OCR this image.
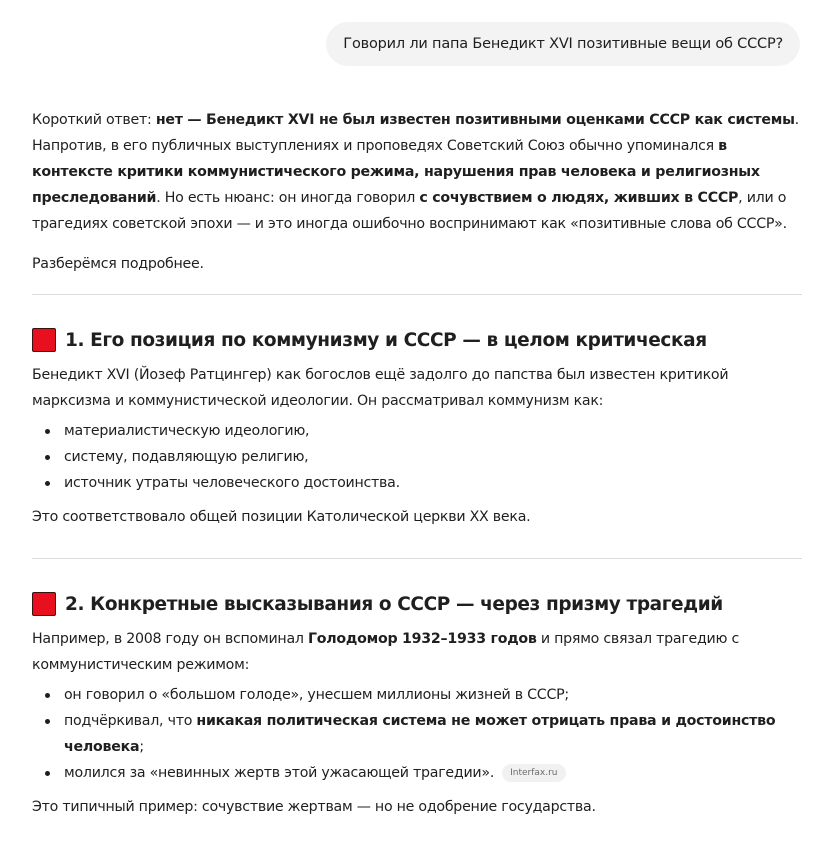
Говорил ли папа Бенедикт XVI позитивные вещи об СССР?
Короткий ответ: нет — Бенедикт XVI не был известен позитивными оценками СССР как системы. Напротив, в его публичных выступлениях и проповедях Советский Союз обычно упоминался в контексте критики коммунистического режима, нарушения прав человека и религиозных преследований. Но есть нюанс: он иногда говорил с сочувствием о людях, живших в СССР, или о трагедиях советской эпохи — и это иногда ошибочно воспринимают как «позитивные слова об СССР».
Разберёмся подробнее.
1. Его позиция по коммунизму и СССР — в целом критическая
Бенедикт XVI (Йозеф Ратцингер) как богослов ещё задолго до папства был известен критикой марксизма и коммунистической идеологии. Он рассматривал коммунизм как:
материалистическую идеологию,
систему, подавляющую религию,
источник утраты человеческого достоинства.
Это соответствовало общей позиции Католической церкви XX века.
2. Конкретные высказывания о СССР — через призму трагедий
Например, в 2008 году он вспоминал Голодомор 1932–1933 годов и прямо связал трагедию с коммунистическим режимом:
он говорил о «большом голоде», унесшем миллионы жизней в СССР;
подчёркивал, что никакая политическая система не может отрицать права и достоинство человека;
молился за «невинных жертв этой ужасающей трагедии». Interfax.ru
Это типичный пример: сочувствие жертвам — но не одобрение государства.
